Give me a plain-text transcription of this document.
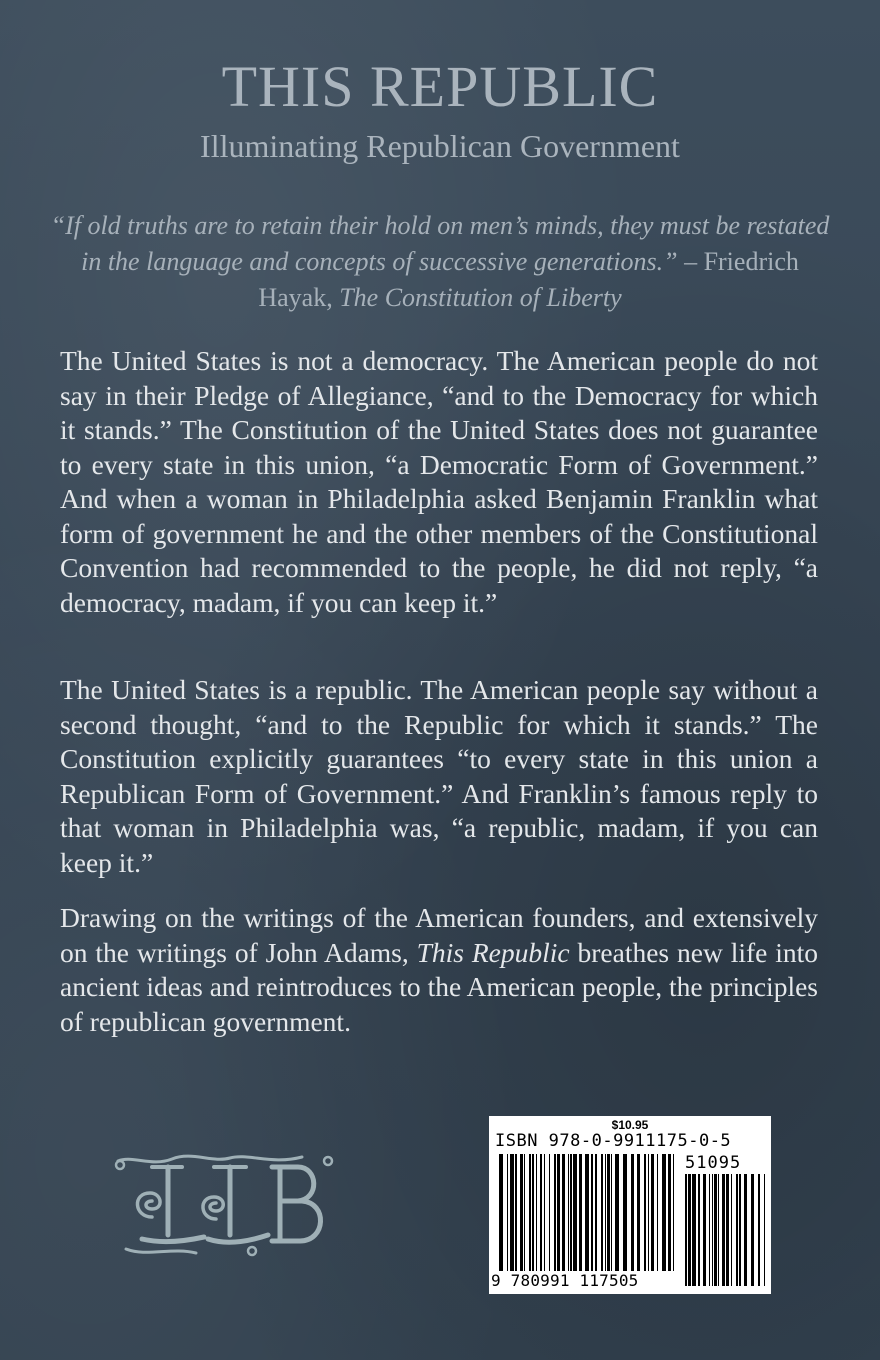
THIS REPUBLIC
Illuminating Republican Government
“If old truths are to retain their hold on men’s minds, they must be restated in the language and concepts of successive generations.” – Friedrich Hayak, The Constitution of Liberty
The United States is not a democracy. The American people do not say in their Pledge of Allegiance, “and to the Democracy for which it stands.” The Constitution of the United States does not guarantee to every state in this union, “a Democratic Form of Government.” And when a woman in Philadelphia asked Benjamin Franklin what form of government he and the other members of the Constitutional Convention had recommended to the people, he did not reply, “a democracy, madam, if you can keep it.”
The United States is a republic. The American people say without a second thought, “and to the Republic for which it stands.” The Constitution explicitly guarantees “to every state in this union a Republican Form of Government.” And Franklin’s famous reply to that woman in Philadelphia was, “a republic, madam, if you can keep it.”
Drawing on the writings of the American founders, and extensively on the writings of John Adams, This Republic breathes new life into ancient ideas and reintroduces to the American people, the principles of republican government.
$10.95
ISBN 978-0-9911175-0-5
51095
9 780991 117505
